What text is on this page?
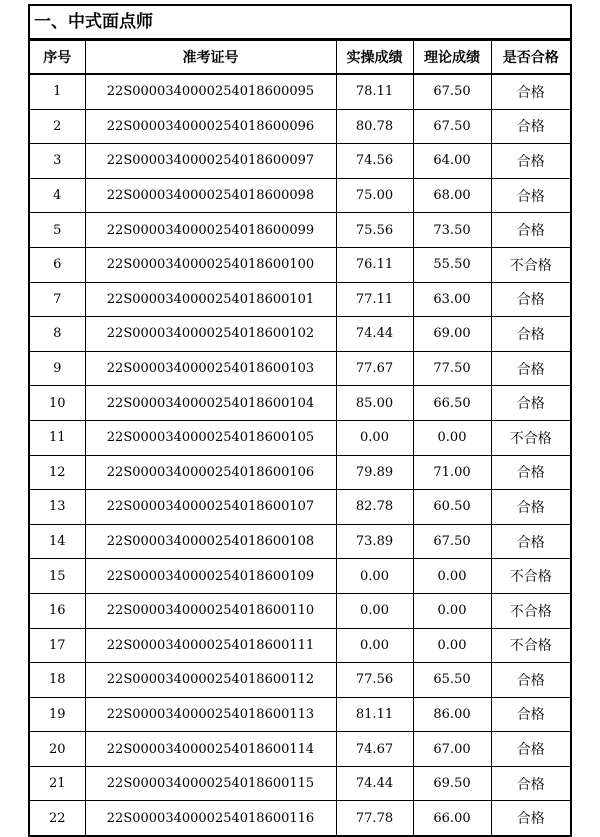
一、中式面点师
序号	准考证号	实操成绩	理论成绩	是否合格
1	22S0000340000254018600095	78.11	67.50	合格
2	22S0000340000254018600096	80.78	67.50	合格
3	22S0000340000254018600097	74.56	64.00	合格
4	22S0000340000254018600098	75.00	68.00	合格
5	22S0000340000254018600099	75.56	73.50	合格
6	22S0000340000254018600100	76.11	55.50	不合格
7	22S0000340000254018600101	77.11	63.00	合格
8	22S0000340000254018600102	74.44	69.00	合格
9	22S0000340000254018600103	77.67	77.50	合格
10	22S0000340000254018600104	85.00	66.50	合格
11	22S0000340000254018600105	0.00	0.00	不合格
12	22S0000340000254018600106	79.89	71.00	合格
13	22S0000340000254018600107	82.78	60.50	合格
14	22S0000340000254018600108	73.89	67.50	合格
15	22S0000340000254018600109	0.00	0.00	不合格
16	22S0000340000254018600110	0.00	0.00	不合格
17	22S0000340000254018600111	0.00	0.00	不合格
18	22S0000340000254018600112	77.56	65.50	合格
19	22S0000340000254018600113	81.11	86.00	合格
20	22S0000340000254018600114	74.67	67.00	合格
21	22S0000340000254018600115	74.44	69.50	合格
22	22S0000340000254018600116	77.78	66.00	合格
